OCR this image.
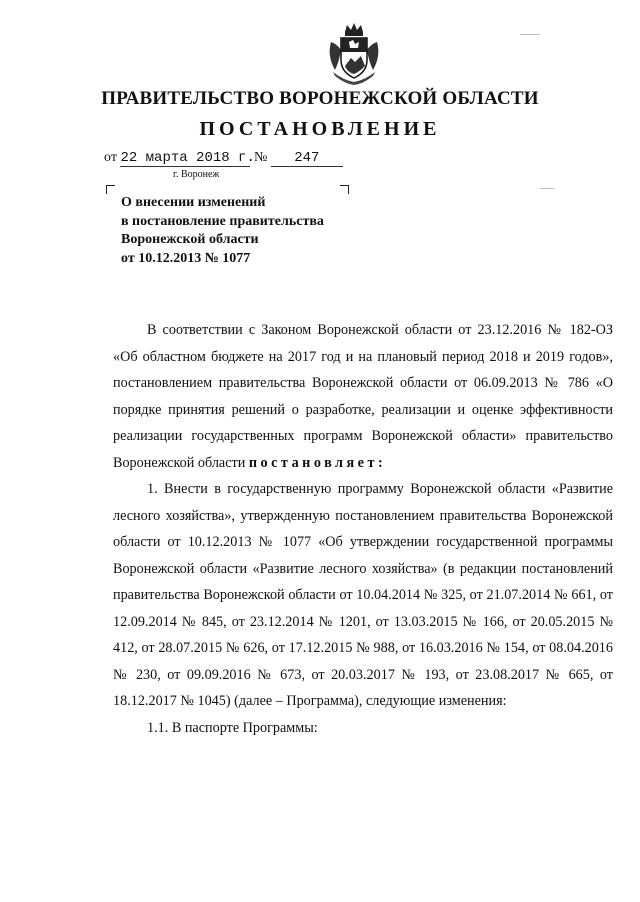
ПРАВИТЕЛЬСТВО ВОРОНЕЖСКОЙ ОБЛАСТИ
ПОСТАНОВЛЕНИЕ
от 22 марта 2018 г. № 247
г. Воронеж
О внесении изменений
в постановление правительства
Воронежской области
от 10.12.2013 № 1077

В соответствии с Законом Воронежской области от 23.12.2016 № 182-ОЗ «Об областном бюджете на 2017 год и на плановый период 2018 и 2019 годов», постановлением правительства Воронежской области от 06.09.2013 № 786 «О порядке принятия решений о разработке, реализации и оценке эффективности реализации государственных программ Воронежской области» правительство Воронежской области постановляет:

1. Внести в государственную программу Воронежской области «Развитие лесного хозяйства», утвержденную постановлением правительства Воронежской области от 10.12.2013 № 1077 «Об утверждении государственной программы Воронежской области «Развитие лесного хозяйства» (в редакции постановлений правительства Воронежской области от 10.04.2014 № 325, от 21.07.2014 № 661, от 12.09.2014 № 845, от 23.12.2014 № 1201, от 13.03.2015 № 166, от 20.05.2015 № 412, от 28.07.2015 № 626, от 17.12.2015 № 988, от 16.03.2016 № 154, от 08.04.2016 № 230, от 09.09.2016 № 673, от 20.03.2017 № 193, от 23.08.2017 № 665, от 18.12.2017 № 1045) (далее – Программа), следующие изменения:

1.1. В паспорте Программы:
